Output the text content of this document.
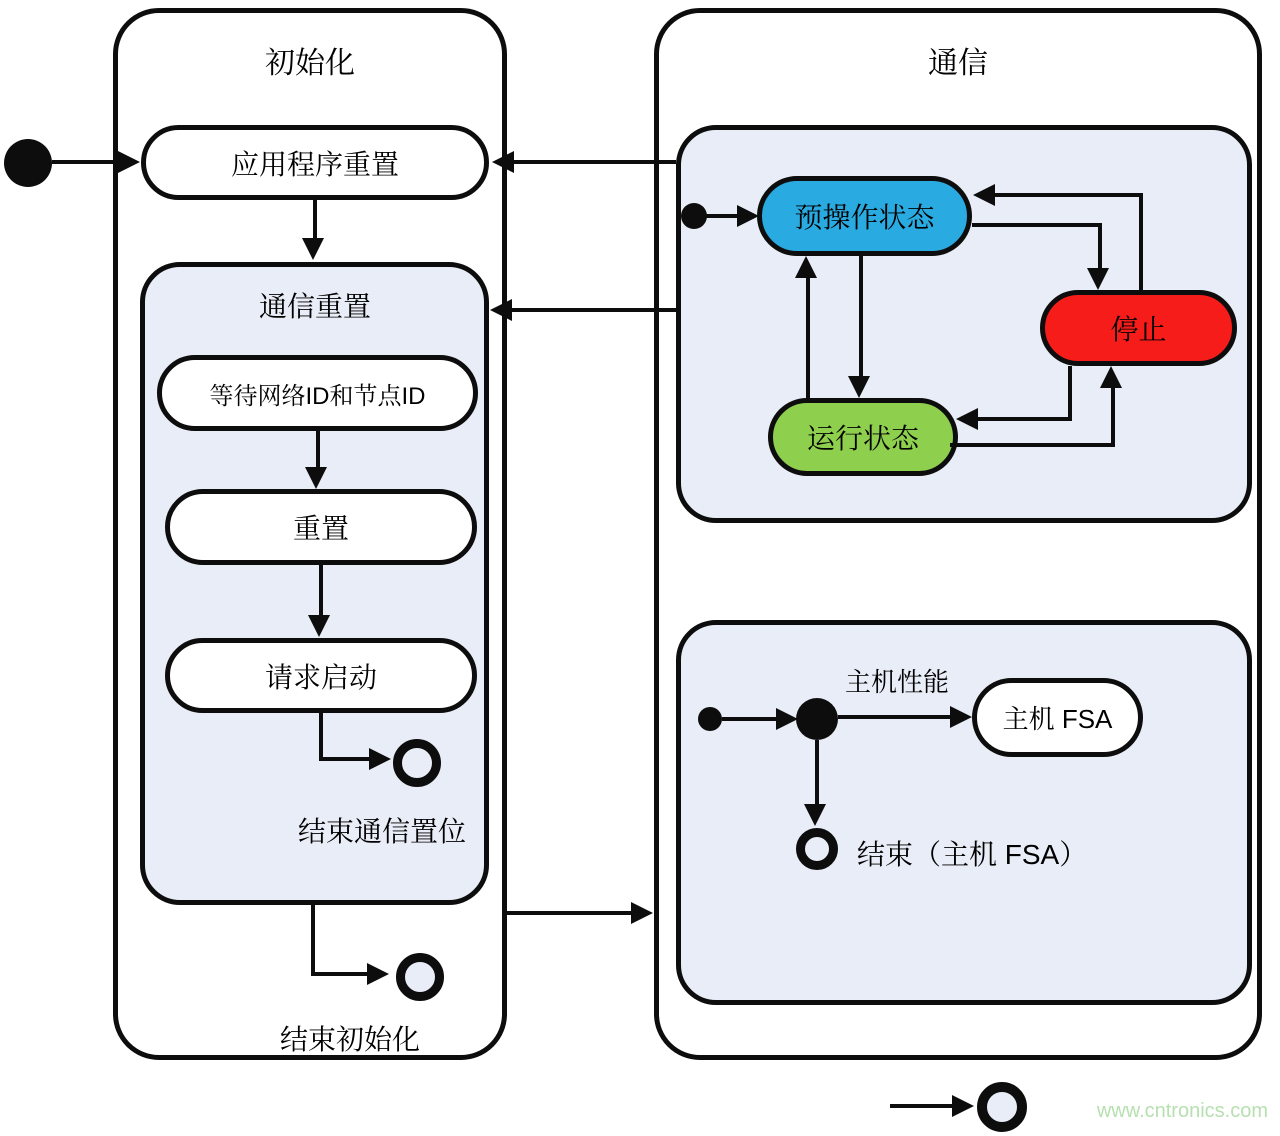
初始化
应用程序重置
通信重置
等待网络ID和节点ID
重置
请求启动
结束通信置位
结束初始化
通信
预操作状态
停止
运行状态
主机性能
主机 FSA
结束（主机 FSA）
www.cntronics.com
